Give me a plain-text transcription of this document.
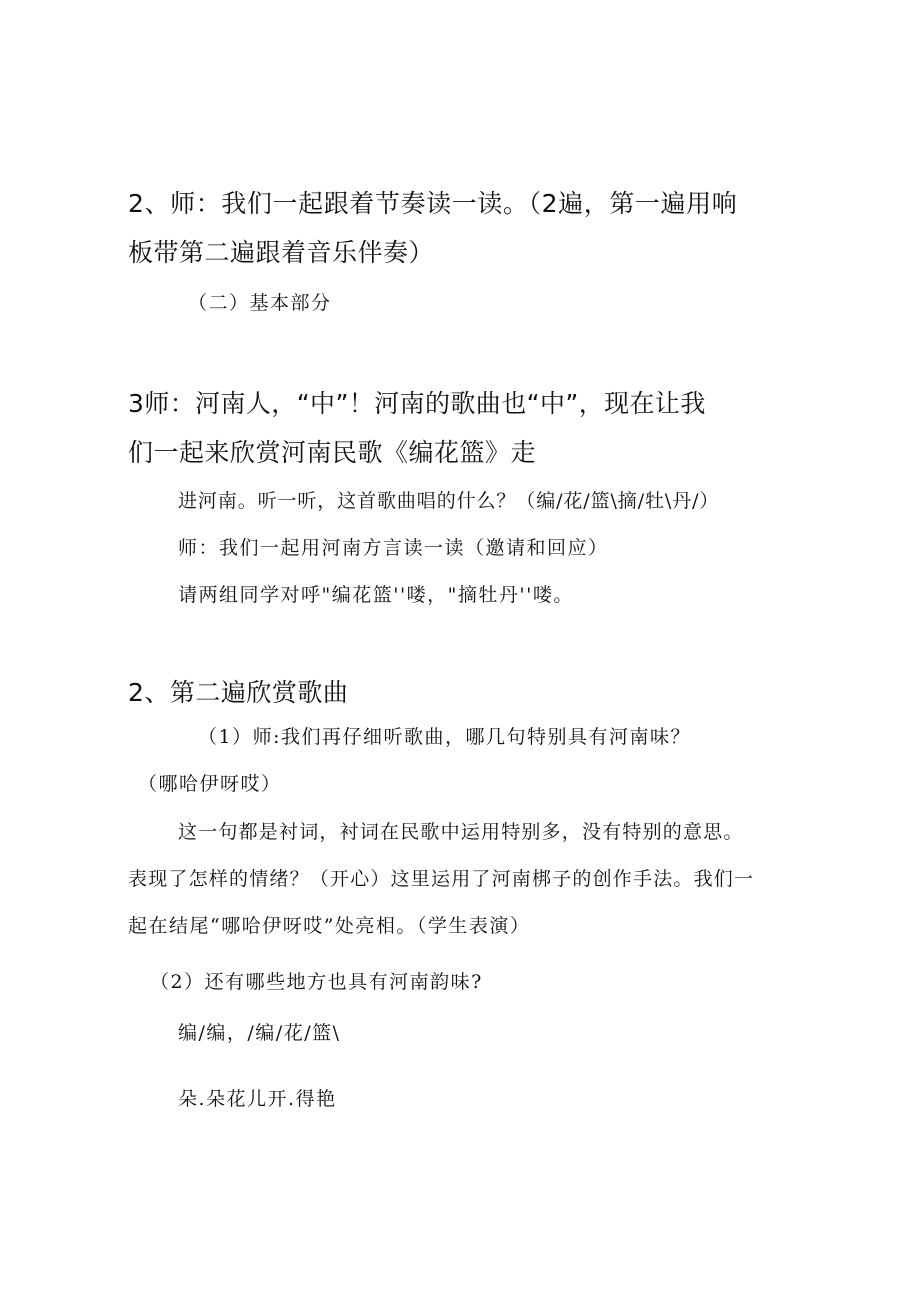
2、师：我们一起跟着节奏读一读。（2遍，第一遍用响

板带第二遍跟着音乐伴奏）

（二）基本部分

3师：河南人，“中”！河南的歌曲也“中”，现在让我

们一起来欣赏河南民歌《编花篮》走

进河南。听一听，这首歌曲唱的什么？（编/花/篮\摘/牡\丹/）

师：我们一起用河南方言读一读（邀请和回应）

请两组同学对呼"编花篮''喽，"摘牡丹''喽。

2、第二遍欣赏歌曲

（1）师:我们再仔细听歌曲，哪几句特别具有河南味？

（哪哈伊呀哎）

这一句都是衬词，衬词在民歌中运用特别多，没有特别的意思。

表现了怎样的情绪？（开心）这里运用了河南梆子的创作手法。我们一

起在结尾“哪哈伊呀哎”处亮相。（学生表演）

（2）还有哪些地方也具有河南韵味?

编/编，/编/花/篮\

朵.朵花儿开.得艳
